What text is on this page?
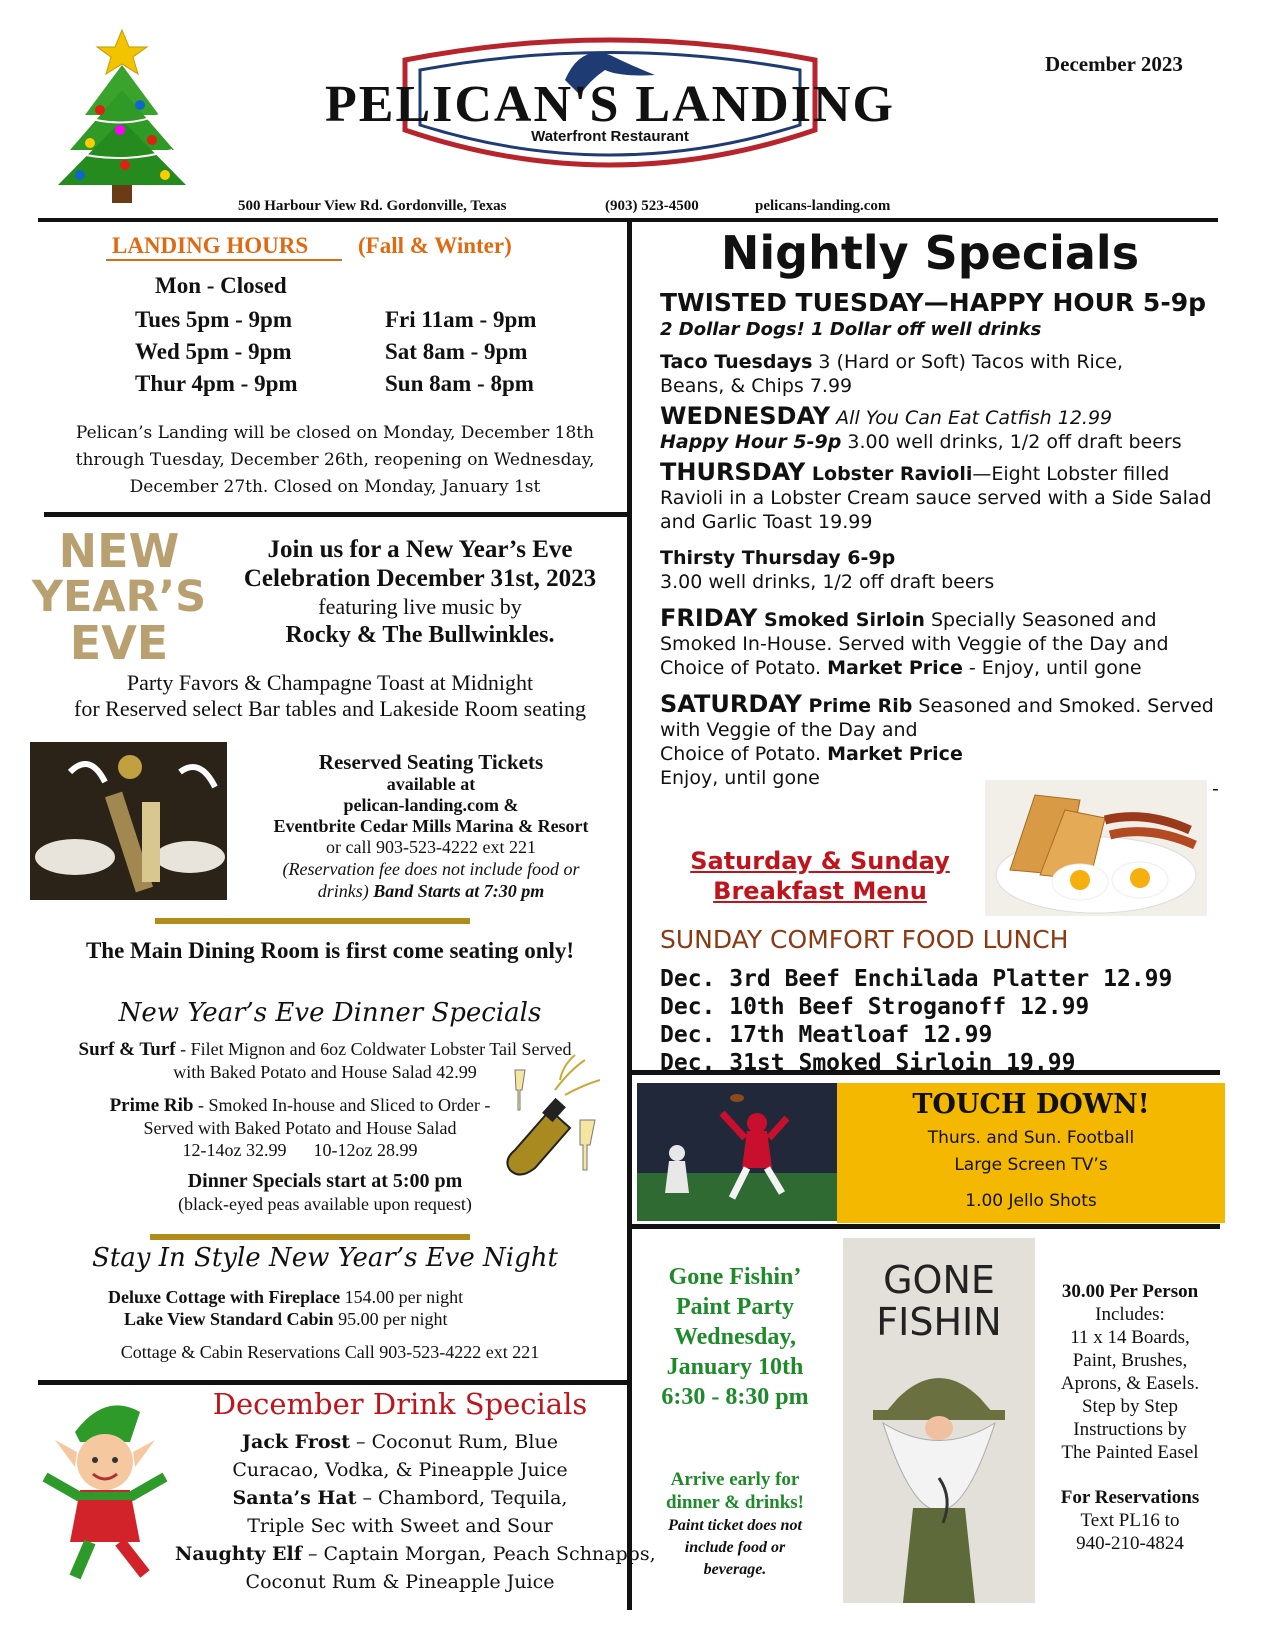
PELICAN'S LANDING
Waterfront Restaurant
December 2023
500 Harbour View Rd. Gordonville, Texas	(903) 523-4500	pelicans-landing.com
LANDING HOURS (Fall & Winter)
Mon - Closed
Tues 5pm - 9pm
Wed 5pm - 9pm
Thur 4pm - 9pm
Fri 11am - 9pm
Sat 8am - 9pm
Sun 8am - 8pm
Pelican’s Landing will be closed on Monday, December 18th
through Tuesday, December 26th, reopening on Wednesday,
December 27th. Closed on Monday, January 1st
NEW
YEAR’S
EVE
Join us for a New Year’s Eve
Celebration December 31st, 2023
featuring live music by
Rocky & The Bullwinkles.
Party Favors & Champagne Toast at Midnight
for Reserved select Bar tables and Lakeside Room seating
Reserved Seating Tickets
available at
pelican-landing.com &
Eventbrite Cedar Mills Marina & Resort
or call 903-523-4222 ext 221
(Reservation fee does not include food or
drinks) Band Starts at 7:30 pm
The Main Dining Room is first come seating only!
New Year’s Eve Dinner Specials
Surf & Turf - Filet Mignon and 6oz Coldwater Lobster Tail Served
with Baked Potato and House Salad 42.99
Prime Rib - Smoked In-house and Sliced to Order -
Served with Baked Potato and House Salad
12-14oz 32.99      10-12oz 28.99
Dinner Specials start at 5:00 pm
(black-eyed peas available upon request)
Stay In Style New Year’s Eve Night
Deluxe Cottage with Fireplace 154.00 per night
Lake View Standard Cabin 95.00 per night
Cottage & Cabin Reservations Call 903-523-4222 ext 221
December Drink Specials
Jack Frost – Coconut Rum, Blue
Curacao, Vodka, & Pineapple Juice
Santa’s Hat – Chambord, Tequila,
Triple Sec with Sweet and Sour
Naughty Elf – Captain Morgan, Peach Schnapps,
Coconut Rum & Pineapple Juice
Nightly Specials
TWISTED TUESDAY—HAPPY HOUR 5-9p
2 Dollar Dogs! 1 Dollar off well drinks
Taco Tuesdays 3 (Hard or Soft) Tacos with Rice,
Beans, & Chips 7.99
WEDNESDAY All You Can Eat Catfish 12.99
Happy Hour 5-9p 3.00 well drinks, 1/2 off draft beers
THURSDAY Lobster Ravioli—Eight Lobster filled
Ravioli in a Lobster Cream sauce served with a Side Salad
and Garlic Toast 19.99
Thirsty Thursday 6-9p
3.00 well drinks, 1/2 off draft beers
FRIDAY Smoked Sirloin Specially Seasoned and
Smoked In-House. Served with Veggie of the Day and
Choice of Potato. Market Price - Enjoy, until gone
SATURDAY Prime Rib Seasoned and Smoked. Served
with Veggie of the Day and
Choice of Potato. Market Price
Enjoy, until gone	-
Saturday & Sunday
Breakfast Menu
SUNDAY COMFORT FOOD LUNCH
Dec. 3rd Beef Enchilada Platter 12.99
Dec. 10th Beef Stroganoff 12.99
Dec. 17th Meatloaf 12.99
Dec. 31st Smoked Sirloin 19.99
TOUCH DOWN!
Thurs. and Sun. Football
Large Screen TV’s
1.00 Jello Shots
Gone Fishin’
Paint Party
Wednesday,
January 10th
6:30 - 8:30 pm
Arrive early for
dinner & drinks!
Paint ticket does not
include food or
beverage.
GONE
FISHIN
30.00 Per Person
Includes:
11 x 14 Boards,
Paint, Brushes,
Aprons, & Easels.
Step by Step
Instructions by
The Painted Easel
For Reservations
Text PL16 to
940-210-4824
